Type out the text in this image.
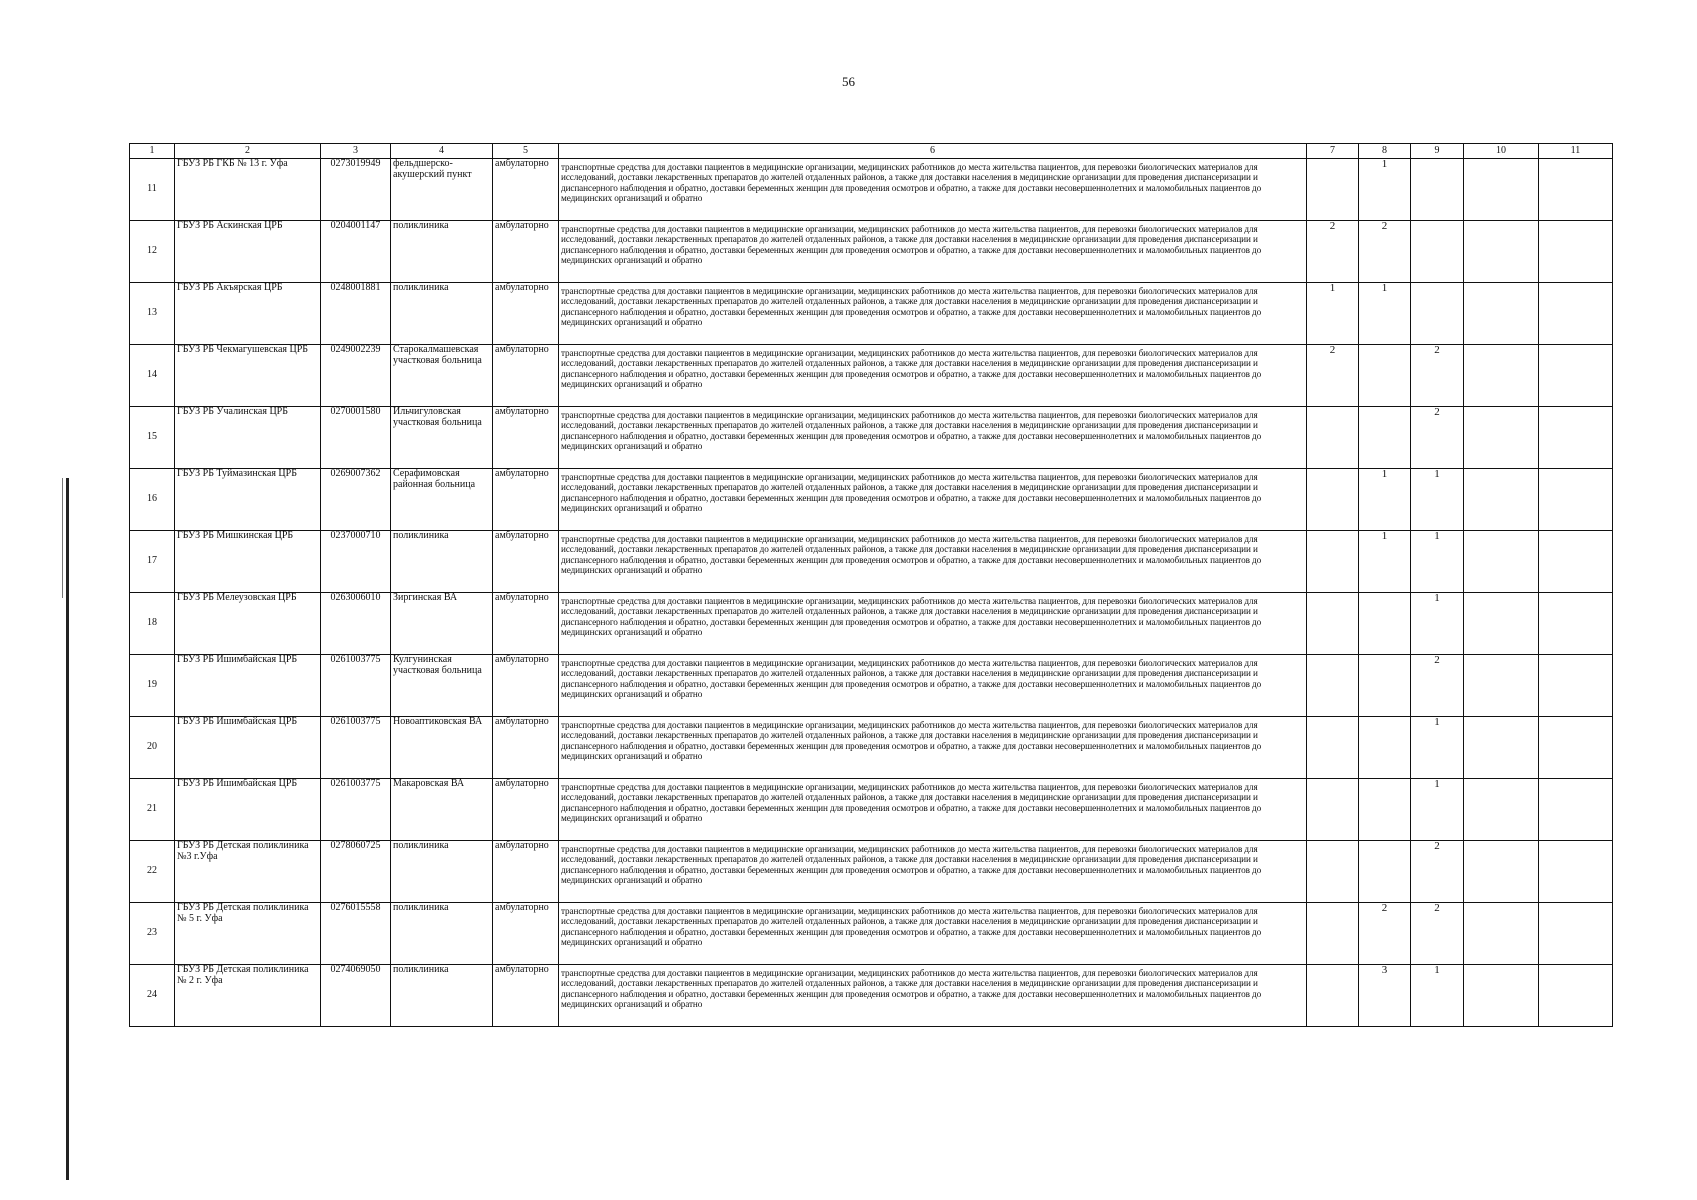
56
1	2	3	4	5	6	7	8	9	10	11
11	ГБУЗ РБ ГКБ № 13 г. Уфа	0273019949	фельдшерско-акушерский пункт	амбулаторно	транспортные средства для доставки пациентов в медицинские организации, медицинских работников до места жительства пациентов, для перевозки биологических материалов для исследований, доставки лекарственных препаратов до жителей отдаленных районов, а также для доставки населения в медицинские организации для проведения диспансеризации и диспансерного наблюдения и обратно, доставки беременных женщин для проведения осмотров и обратно, а также для доставки несовершеннолетних и маломобильных пациентов до медицинских организаций и обратно		1			
12	ГБУЗ РБ Аскинская ЦРБ	0204001147	поликлиника	амбулаторно	транспортные средства для доставки пациентов в медицинские организации, медицинских работников до места жительства пациентов, для перевозки биологических материалов для исследований, доставки лекарственных препаратов до жителей отдаленных районов, а также для доставки населения в медицинские организации для проведения диспансеризации и диспансерного наблюдения и обратно, доставки беременных женщин для проведения осмотров и обратно, а также для доставки несовершеннолетних и маломобильных пациентов до медицинских организаций и обратно	2	2			
13	ГБУЗ РБ Акъярская ЦРБ	0248001881	поликлиника	амбулаторно	транспортные средства для доставки пациентов в медицинские организации, медицинских работников до места жительства пациентов, для перевозки биологических материалов для исследований, доставки лекарственных препаратов до жителей отдаленных районов, а также для доставки населения в медицинские организации для проведения диспансеризации и диспансерного наблюдения и обратно, доставки беременных женщин для проведения осмотров и обратно, а также для доставки несовершеннолетних и маломобильных пациентов до медицинских организаций и обратно	1	1			
14	ГБУЗ РБ Чекмагушевская ЦРБ	0249002239	Старокалмашевская участковая больница	амбулаторно	транспортные средства для доставки пациентов в медицинские организации, медицинских работников до места жительства пациентов, для перевозки биологических материалов для исследований, доставки лекарственных препаратов до жителей отдаленных районов, а также для доставки населения в медицинские организации для проведения диспансеризации и диспансерного наблюдения и обратно, доставки беременных женщин для проведения осмотров и обратно, а также для доставки несовершеннолетних и маломобильных пациентов до медицинских организаций и обратно	2		2		
15	ГБУЗ РБ Учалинская ЦРБ	0270001580	Ильчигуловская участковая больница	амбулаторно	транспортные средства для доставки пациентов в медицинские организации, медицинских работников до места жительства пациентов, для перевозки биологических материалов для исследований, доставки лекарственных препаратов до жителей отдаленных районов, а также для доставки населения в медицинские организации для проведения диспансеризации и диспансерного наблюдения и обратно, доставки беременных женщин для проведения осмотров и обратно, а также для доставки несовершеннолетних и маломобильных пациентов до медицинских организаций и обратно			2		
16	ГБУЗ РБ Туймазинская ЦРБ	0269007362	Серафимовская районная больница	амбулаторно	транспортные средства для доставки пациентов в медицинские организации, медицинских работников до места жительства пациентов, для перевозки биологических материалов для исследований, доставки лекарственных препаратов до жителей отдаленных районов, а также для доставки населения в медицинские организации для проведения диспансеризации и диспансерного наблюдения и обратно, доставки беременных женщин для проведения осмотров и обратно, а также для доставки несовершеннолетних и маломобильных пациентов до медицинских организаций и обратно		1	1		
17	ГБУЗ РБ Мишкинская ЦРБ	0237000710	поликлиника	амбулаторно	транспортные средства для доставки пациентов в медицинские организации, медицинских работников до места жительства пациентов, для перевозки биологических материалов для исследований, доставки лекарственных препаратов до жителей отдаленных районов, а также для доставки населения в медицинские организации для проведения диспансеризации и диспансерного наблюдения и обратно, доставки беременных женщин для проведения осмотров и обратно, а также для доставки несовершеннолетних и маломобильных пациентов до медицинских организаций и обратно		1	1		
18	ГБУЗ РБ Мелеузовская ЦРБ	0263006010	Зиргинская ВА	амбулаторно	транспортные средства для доставки пациентов в медицинские организации, медицинских работников до места жительства пациентов, для перевозки биологических материалов для исследований, доставки лекарственных препаратов до жителей отдаленных районов, а также для доставки населения в медицинские организации для проведения диспансеризации и диспансерного наблюдения и обратно, доставки беременных женщин для проведения осмотров и обратно, а также для доставки несовершеннолетних и маломобильных пациентов до медицинских организаций и обратно			1		
19	ГБУЗ РБ Ишимбайская ЦРБ	0261003775	Кулгунинская участковая больница	амбулаторно	транспортные средства для доставки пациентов в медицинские организации, медицинских работников до места жительства пациентов, для перевозки биологических материалов для исследований, доставки лекарственных препаратов до жителей отдаленных районов, а также для доставки населения в медицинские организации для проведения диспансеризации и диспансерного наблюдения и обратно, доставки беременных женщин для проведения осмотров и обратно, а также для доставки несовершеннолетних и маломобильных пациентов до медицинских организаций и обратно			2		
20	ГБУЗ РБ Ишимбайская ЦРБ	0261003775	Новоаптиковская ВА	амбулаторно	транспортные средства для доставки пациентов в медицинские организации, медицинских работников до места жительства пациентов, для перевозки биологических материалов для исследований, доставки лекарственных препаратов до жителей отдаленных районов, а также для доставки населения в медицинские организации для проведения диспансеризации и диспансерного наблюдения и обратно, доставки беременных женщин для проведения осмотров и обратно, а также для доставки несовершеннолетних и маломобильных пациентов до медицинских организаций и обратно			1		
21	ГБУЗ РБ Ишимбайская ЦРБ	0261003775	Макаровская ВА	амбулаторно	транспортные средства для доставки пациентов в медицинские организации, медицинских работников до места жительства пациентов, для перевозки биологических материалов для исследований, доставки лекарственных препаратов до жителей отдаленных районов, а также для доставки населения в медицинские организации для проведения диспансеризации и диспансерного наблюдения и обратно, доставки беременных женщин для проведения осмотров и обратно, а также для доставки несовершеннолетних и маломобильных пациентов до медицинских организаций и обратно			1		
22	ГБУЗ РБ Детская поликлиника №3 г.Уфа	0278060725	поликлиника	амбулаторно	транспортные средства для доставки пациентов в медицинские организации, медицинских работников до места жительства пациентов, для перевозки биологических материалов для исследований, доставки лекарственных препаратов до жителей отдаленных районов, а также для доставки населения в медицинские организации для проведения диспансеризации и диспансерного наблюдения и обратно, доставки беременных женщин для проведения осмотров и обратно, а также для доставки несовершеннолетних и маломобильных пациентов до медицинских организаций и обратно			2		
23	ГБУЗ РБ Детская поликлиника № 5 г. Уфа	0276015558	поликлиника	амбулаторно	транспортные средства для доставки пациентов в медицинские организации, медицинских работников до места жительства пациентов, для перевозки биологических материалов для исследований, доставки лекарственных препаратов до жителей отдаленных районов, а также для доставки населения в медицинские организации для проведения диспансеризации и диспансерного наблюдения и обратно, доставки беременных женщин для проведения осмотров и обратно, а также для доставки несовершеннолетних и маломобильных пациентов до медицинских организаций и обратно		2	2		
24	ГБУЗ РБ Детская поликлиника № 2 г. Уфа	0274069050	поликлиника	амбулаторно	транспортные средства для доставки пациентов в медицинские организации, медицинских работников до места жительства пациентов, для перевозки биологических материалов для исследований, доставки лекарственных препаратов до жителей отдаленных районов, а также для доставки населения в медицинские организации для проведения диспансеризации и диспансерного наблюдения и обратно, доставки беременных женщин для проведения осмотров и обратно, а также для доставки несовершеннолетних и маломобильных пациентов до медицинских организаций и обратно		3	1		
